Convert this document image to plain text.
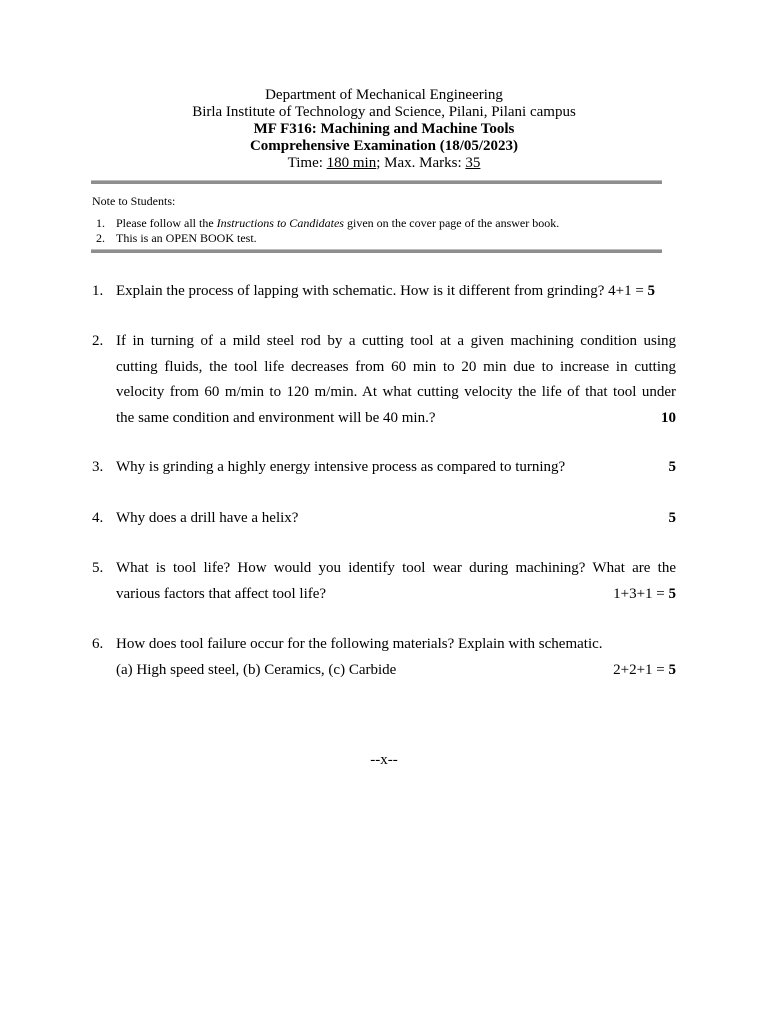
Department of Mechanical Engineering
Birla Institute of Technology and Science, Pilani, Pilani campus
MF F316: Machining and Machine Tools
Comprehensive Examination (18/05/2023)
Time: 180 min; Max. Marks: 35
Note to Students:
1. Please follow all the Instructions to Candidates given on the cover page of the answer book.
2. This is an OPEN BOOK test.
1. Explain the process of lapping with schematic. How is it different from grinding? 4+1 = 5
2. If in turning of a mild steel rod by a cutting tool at a given machining condition using
cutting fluids, the tool life decreases from 60 min to 20 min due to increase in cutting
velocity from 60 m/min to 120 m/min. At what cutting velocity the life of that tool under
the same condition and environment will be 40 min.?	10
3. Why is grinding a highly energy intensive process as compared to turning?	5
4. Why does a drill have a helix?	5
5. What is tool life? How would you identify tool wear during machining? What are the
various factors that affect tool life?	1+3+1 = 5
6. How does tool failure occur for the following materials? Explain with schematic.
(a) High speed steel, (b) Ceramics, (c) Carbide	2+2+1 = 5
--x--
